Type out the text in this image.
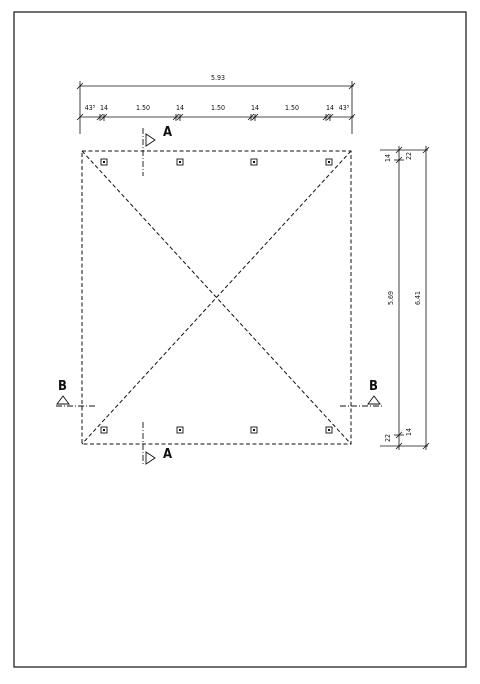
5.93
43⁵ 14	1.50	14	1.50	14	1.50	14 43⁵
14 22
5.69	6.41
22
14
A
A
B	B
